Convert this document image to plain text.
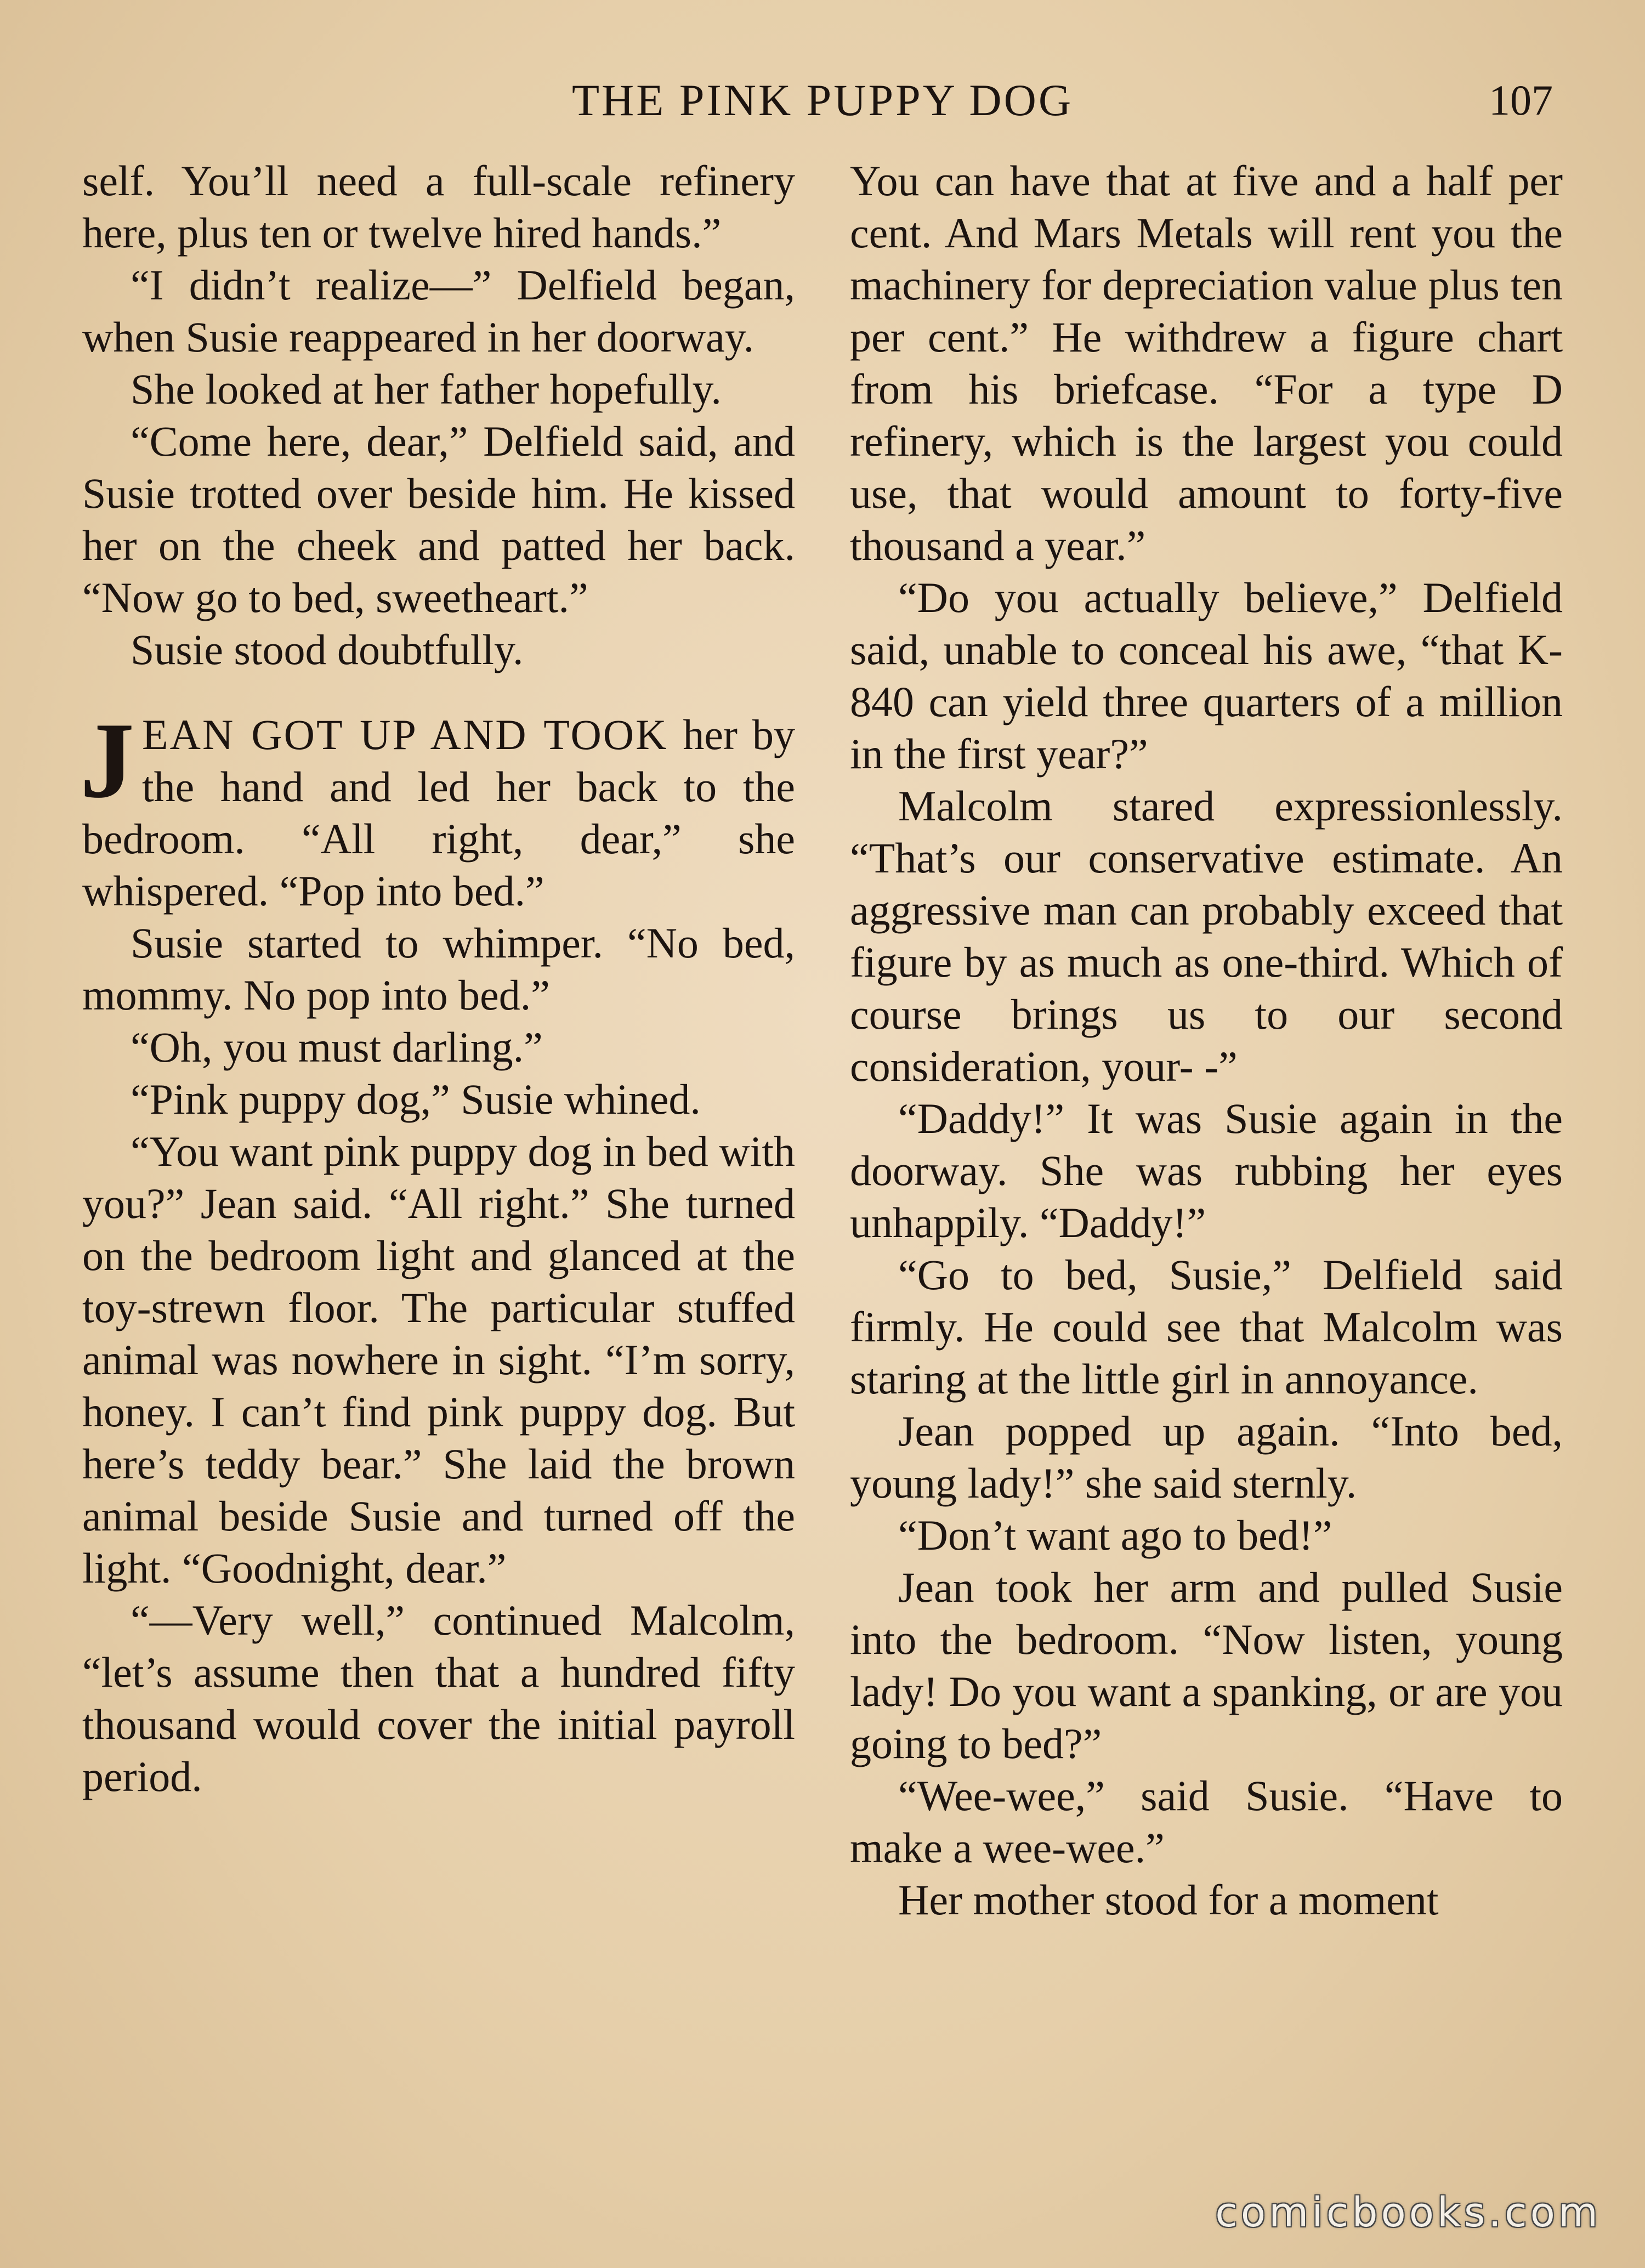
THE PINK PUPPY DOG	107

self. You’ll need a full-scale refinery here, plus ten or twelve hired hands.”

“I didn’t realize—” Delfield began, when Susie reappeared in her doorway.

She looked at her father hopefully.

“Come here, dear,” Delfield said, and Susie trotted over beside him. He kissed her on the cheek and patted her back. “Now go to bed, sweetheart.”

Susie stood doubtfully.

JEAN GOT UP AND TOOK her by the hand and led her back to the bedroom. “All right, dear,” she whispered. “Pop into bed.”

Susie started to whimper. “No bed, mommy. No pop into bed.”

“Oh, you must darling.”

“Pink puppy dog,” Susie whined.

“You want pink puppy dog in bed with you?” Jean said. “All right.” She turned on the bedroom light and glanced at the toy-strewn floor. The particular stuffed animal was nowhere in sight. “I’m sorry, honey. I can’t find pink puppy dog. But here’s teddy bear.” She laid the brown animal beside Susie and turned off the light. “Goodnight, dear.”

“—Very well,” continued Malcolm, “let’s assume then that a hundred fifty thousand would cover the initial payroll period.

You can have that at five and a half per cent. And Mars Metals will rent you the machinery for depreciation value plus ten per cent.” He withdrew a figure chart from his briefcase. “For a type D refinery, which is the largest you could use, that would amount to forty-five thousand a year.”

“Do you actually believe,” Delfield said, unable to conceal his awe, “that K-840 can yield three quarters of a million in the first year?”

Malcolm stared expressionlessly. “That’s our conservative estimate. An aggressive man can probably exceed that figure by as much as one-third. Which of course brings us to our second consideration, your- -”

“Daddy!” It was Susie again in the doorway. She was rubbing her eyes unhappily. “Daddy!”

“Go to bed, Susie,” Delfield said firmly. He could see that Malcolm was staring at the little girl in annoyance.

Jean popped up again. “Into bed, young lady!” she said sternly.

“Don’t want ago to bed!”

Jean took her arm and pulled Susie into the bedroom. “Now listen, young lady! Do you want a spanking, or are you going to bed?”

“Wee-wee,” said Susie. “Have to make a wee-wee.”

Her mother stood for a moment

comicbooks.com
